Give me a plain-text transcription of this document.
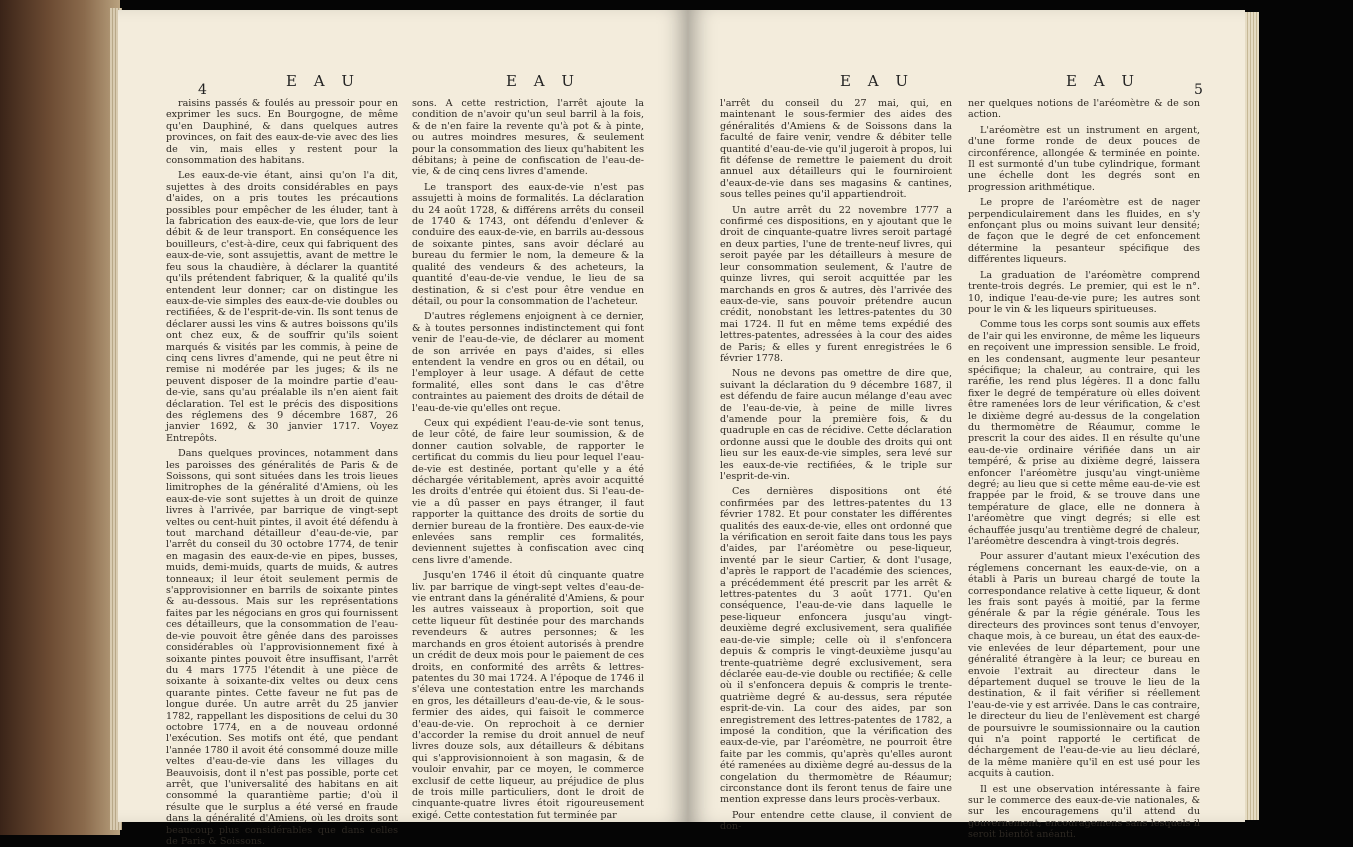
4	E A U	E A U

raisins passés & foulés au pressoir pour en exprimer les sucs. En Bourgogne, de même qu'en Dauphiné, & dans quelques autres provinces, on fait des eaux-de-vie avec des lies de vin, mais elles y restent pour la consommation des habitans.

Les eaux-de-vie étant, ainsi qu'on l'a dit, sujettes à des droits considérables en pays d'aides, on a pris toutes les précautions possibles pour empêcher de les éluder, tant à la fabrication des eaux-de-vie, que lors de leur débit & de leur transport. En conséquence les bouilleurs, c'est-à-dire, ceux qui fabriquent des eaux-de-vie, sont assujettis, avant de mettre le feu sous la chaudière, à déclarer la quantité qu'ils prétendent fabriquer, & la qualité qu'ils entendent leur donner; car on distingue les eaux-de-vie simples des eaux-de-vie doubles ou rectifiées, & de l'esprit-de-vin. Ils sont tenus de déclarer aussi les vins & autres boissons qu'ils ont chez eux, & de souffrir qu'ils soient marqués & visités par les commis, à peine de cinq cens livres d'amende, qui ne peut être ni remise ni modérée par les juges; & ils ne peuvent disposer de la moindre partie d'eau-de-vie, sans qu'au préalable ils n'en aient fait déclaration. Tel est le précis des dispositions des réglemens des 9 décembre 1687, 26 janvier 1692, & 30 janvier 1717. Voyez Entrepôts.

Dans quelques provinces, notamment dans les paroisses des généralités de Paris & de Soissons, qui sont situées dans les trois lieues limitrophes de la généralité d'Amiens, où les eaux-de-vie sont sujettes à un droit de quinze livres à l'arrivée, par barrique de vingt-sept veltes ou cent-huit pintes, il avoit été défendu à tout marchand détailleur d'eau-de-vie, par l'arrêt du conseil du 30 octobre 1774, de tenir en magasin des eaux-de-vie en pipes, busses, muids, demi-muids, quarts de muids, & autres tonneaux; il leur étoit seulement permis de s'approvisionner en barrils de soixante pintes & au-dessous. Mais sur les représentations faites par les négocians en gros qui fournissent ces détailleurs, que la consommation de l'eau-de-vie pouvoit être gênée dans des paroisses considérables où l'approvisionnement fixé à soixante pintes pouvoit être insuffisant, l'arrêt du 4 mars 1775 l'étendit à une pièce de soixante à soixante-dix veltes ou deux cens quarante pintes. Cette faveur ne fut pas de longue durée. Un autre arrêt du 25 janvier 1782, rappellant les dispositions de celui du 30 octobre 1774, en a de nouveau ordonné l'exécution. Ses motifs ont été, que pendant l'année 1780 il avoit été consommé douze mille veltes d'eau-de-vie dans les villages du Beauvoisis, dont il n'est pas possible, porte cet arrêt, que l'universalité des habitans en ait consommé la quarantième partie; d'où il résulte que le surplus a été versé en fraude dans la généralité d'Amiens, où les droits sont beaucoup plus considérables que dans celles de Paris & Soissons.

sons. A cette restriction, l'arrêt ajoute la condition de n'avoir qu'un seul barril à la fois, & de n'en faire la revente qu'à pot & à pinte, ou autres moindres mesures, & seulement pour la consommation des lieux qu'habitent les débitans; à peine de confiscation de l'eau-de-vie, & de cinq cens livres d'amende.

Le transport des eaux-de-vie n'est pas assujetti à moins de formalités. La déclaration du 24 août 1728, & différens arrêts du conseil de 1740 & 1743, ont défendu d'enlever & conduire des eaux-de-vie, en barrils au-dessous de soixante pintes, sans avoir déclaré au bureau du fermier le nom, la demeure & la qualité des vendeurs & des acheteurs, la quantité d'eau-de-vie vendue, le lieu de sa destination, & si c'est pour être vendue en détail, ou pour la consommation de l'acheteur.

D'autres réglemens enjoignent à ce dernier, & à toutes personnes indistinctement qui font venir de l'eau-de-vie, de déclarer au moment de son arrivée en pays d'aides, si elles entendent la vendre en gros ou en détail, ou l'employer à leur usage. A défaut de cette formalité, elles sont dans le cas d'être contraintes au paiement des droits de détail de l'eau-de-vie qu'elles ont reçue.

Ceux qui expédient l'eau-de-vie sont tenus, de leur côté, de faire leur soumission, & de donner caution solvable, de rapporter le certificat du commis du lieu pour lequel l'eau-de-vie est destinée, portant qu'elle y a été déchargée véritablement, après avoir acquitté les droits d'entrée qui étoient dus. Si l'eau-de-vie a dû passer en pays étranger, il faut rapporter la quittance des droits de sortie du dernier bureau de la frontière. Des eaux-de-vie enlevées sans remplir ces formalités, deviennent sujettes à confiscation avec cinq cens livre d'amende.

Jusqu'en 1746 il étoit dû cinquante quatre liv. par barrique de vingt-sept veltes d'eau-de-vie entrant dans la généralité d'Amiens, & pour les autres vaisseaux à proportion, soit que cette liqueur fût destinée pour des marchands revendeurs & autres personnes; & les marchands en gros étoient autorisés à prendre un crédit de deux mois pour le paiement de ces droits, en conformité des arrêts & lettres-patentes du 30 mai 1724. A l'époque de 1746 il s'éleva une contestation entre les marchands en gros, les détailleurs d'eau-de-vie, & le sous-fermier des aides, qui faisoit le commerce d'eau-de-vie. On reprochoit à ce dernier d'accorder la remise du droit annuel de neuf livres douze sols, aux détailleurs & débitans qui s'approvisionnoient à son magasin, & de vouloir envahir, par ce moyen, le commerce exclusif de cette liqueur, au préjudice de plus de trois mille particuliers, dont le droit de cinquante-quatre livres étoit rigoureusement exigé. Cette contestation fut terminée par

E A U	E A U	5

l'arrêt du conseil du 27 mai, qui, en maintenant le sous-fermier des aides des généralités d'Amiens & de Soissons dans la faculté de faire venir, vendre & débiter telle quantité d'eau-de-vie qu'il jugeroit à propos, lui fit défense de remettre le paiement du droit annuel aux détailleurs qui le fourniroient d'eaux-de-vie dans ses magasins & cantines, sous telles peines qu'il appartiendroit.

Un autre arrêt du 22 novembre 1777 a confirmé ces dispositions, en y ajoutant que le droit de cinquante-quatre livres seroit partagé en deux parties, l'une de trente-neuf livres, qui seroit payée par les détailleurs à mesure de leur consommation seulement, & l'autre de quinze livres, qui seroit acquittée par les marchands en gros & autres, dès l'arrivée des eaux-de-vie, sans pouvoir prétendre aucun crédit, nonobstant les lettres-patentes du 30 mai 1724. Il fut en même tems expédié des lettres-patentes, adressées à la cour des aides de Paris; & elles y furent enregistrées le 6 février 1778.

Nous ne devons pas omettre de dire que, suivant la déclaration du 9 décembre 1687, il est défendu de faire aucun mélange d'eau avec de l'eau-de-vie, à peine de mille livres d'amende pour la première fois, & du quadruple en cas de récidive. Cette déclaration ordonne aussi que le double des droits qui ont lieu sur les eaux-de-vie simples, sera levé sur les eaux-de-vie rectifiées, & le triple sur l'esprit-de-vin.

Ces dernières dispositions ont été confirmées par des lettres-patentes du 13 février 1782. Et pour constater les différentes qualités des eaux-de-vie, elles ont ordonné que la vérification en seroit faite dans tous les pays d'aides, par l'aréomètre ou pese-liqueur, inventé par le sieur Cartier, & dont l'usage, d'après le rapport de l'académie des sciences, a précédemment été prescrit par les arrêt & lettres-patentes du 3 août 1771. Qu'en conséquence, l'eau-de-vie dans laquelle le pese-liqueur enfoncera jusqu'au vingt-deuxième degré exclusivement, sera qualifiée eau-de-vie simple; celle où il s'enfoncera depuis & compris le vingt-deuxième jusqu'au trente-quatrième degré exclusivement, sera déclarée eau-de-vie double ou rectifiée; & celle où il s'enfoncera depuis & compris le trente-quatrième degré & au-dessus, sera réputée esprit-de-vin. La cour des aides, par son enregistrement des lettres-patentes de 1782, a imposé la condition, que la vérification des eaux-de-vie, par l'aréomètre, ne pourroit être faite par les commis, qu'après qu'elles auront été ramenées au dixième degré au-dessus de la congelation du thermomètre de Réaumur; circonstance dont ils feront tenus de faire une mention expresse dans leurs procès-verbaux.

Pour entendre cette clause, il convient de don-

ner quelques notions de l'aréomètre & de son action.

L'aréomètre est un instrument en argent, d'une forme ronde de deux pouces de circonférence, allongée & terminée en pointe. Il est surmonté d'un tube cylindrique, formant une échelle dont les degrés sont en progression arithmétique.

Le propre de l'aréomètre est de nager perpendiculairement dans les fluides, en s'y enfonçant plus ou moins suivant leur densité; de façon que le degré de cet enfoncement détermine la pesanteur spécifique des différentes liqueurs.

La graduation de l'aréomètre comprend trente-trois degrés. Le premier, qui est le n°. 10, indique l'eau-de-vie pure; les autres sont pour le vin & les liqueurs spiritueuses.

Comme tous les corps sont soumis aux effets de l'air qui les environne, de même les liqueurs en reçoivent une impression sensible. Le froid, en les condensant, augmente leur pesanteur spécifique; la chaleur, au contraire, qui les raréfie, les rend plus légères. Il a donc fallu fixer le degré de température où elles doivent être ramenées lors de leur vérification, & c'est le dixième degré au-dessus de la congelation du thermomètre de Réaumur, comme le prescrit la cour des aides. Il en résulte qu'une eau-de-vie ordinaire vérifiée dans un air tempéré, & prise au dixième degré, laissera enfoncer l'aréomètre jusqu'au vingt-unième degré; au lieu que si cette même eau-de-vie est frappée par le froid, & se trouve dans une température de glace, elle ne donnera à l'aréomètre que vingt degrés; si elle est échauffée jusqu'au trentième degré de chaleur, l'aréomètre descendra à vingt-trois degrés.

Pour assurer d'autant mieux l'exécution des réglemens concernant les eaux-de-vie, on a établi à Paris un bureau chargé de toute la correspondance relative à cette liqueur, & dont les frais sont payés à moitié, par la ferme générale & par la régie générale. Tous les directeurs des provinces sont tenus d'envoyer, chaque mois, à ce bureau, un état des eaux-de-vie enlevées de leur département, pour une généralité étrangère à la leur; ce bureau en envoie l'extrait au directeur dans le département duquel se trouve le lieu de la destination, & il fait vérifier si réellement l'eau-de-vie y est arrivée. Dans le cas contraire, le directeur du lieu de l'enlèvement est chargé de poursuivre le soumissionnaire ou la caution qui n'a point rapporté le certificat de déchargement de l'eau-de-vie au lieu déclaré, de la même manière qu'il en est usé pour les acquits à caution.

Il est une observation intéressante à faire sur le commerce des eaux-de-vie nationales, & sur les encouragemens qu'il attend du gouvernement; encouragemens sans lesquels il seroit bientôt anéanti.
